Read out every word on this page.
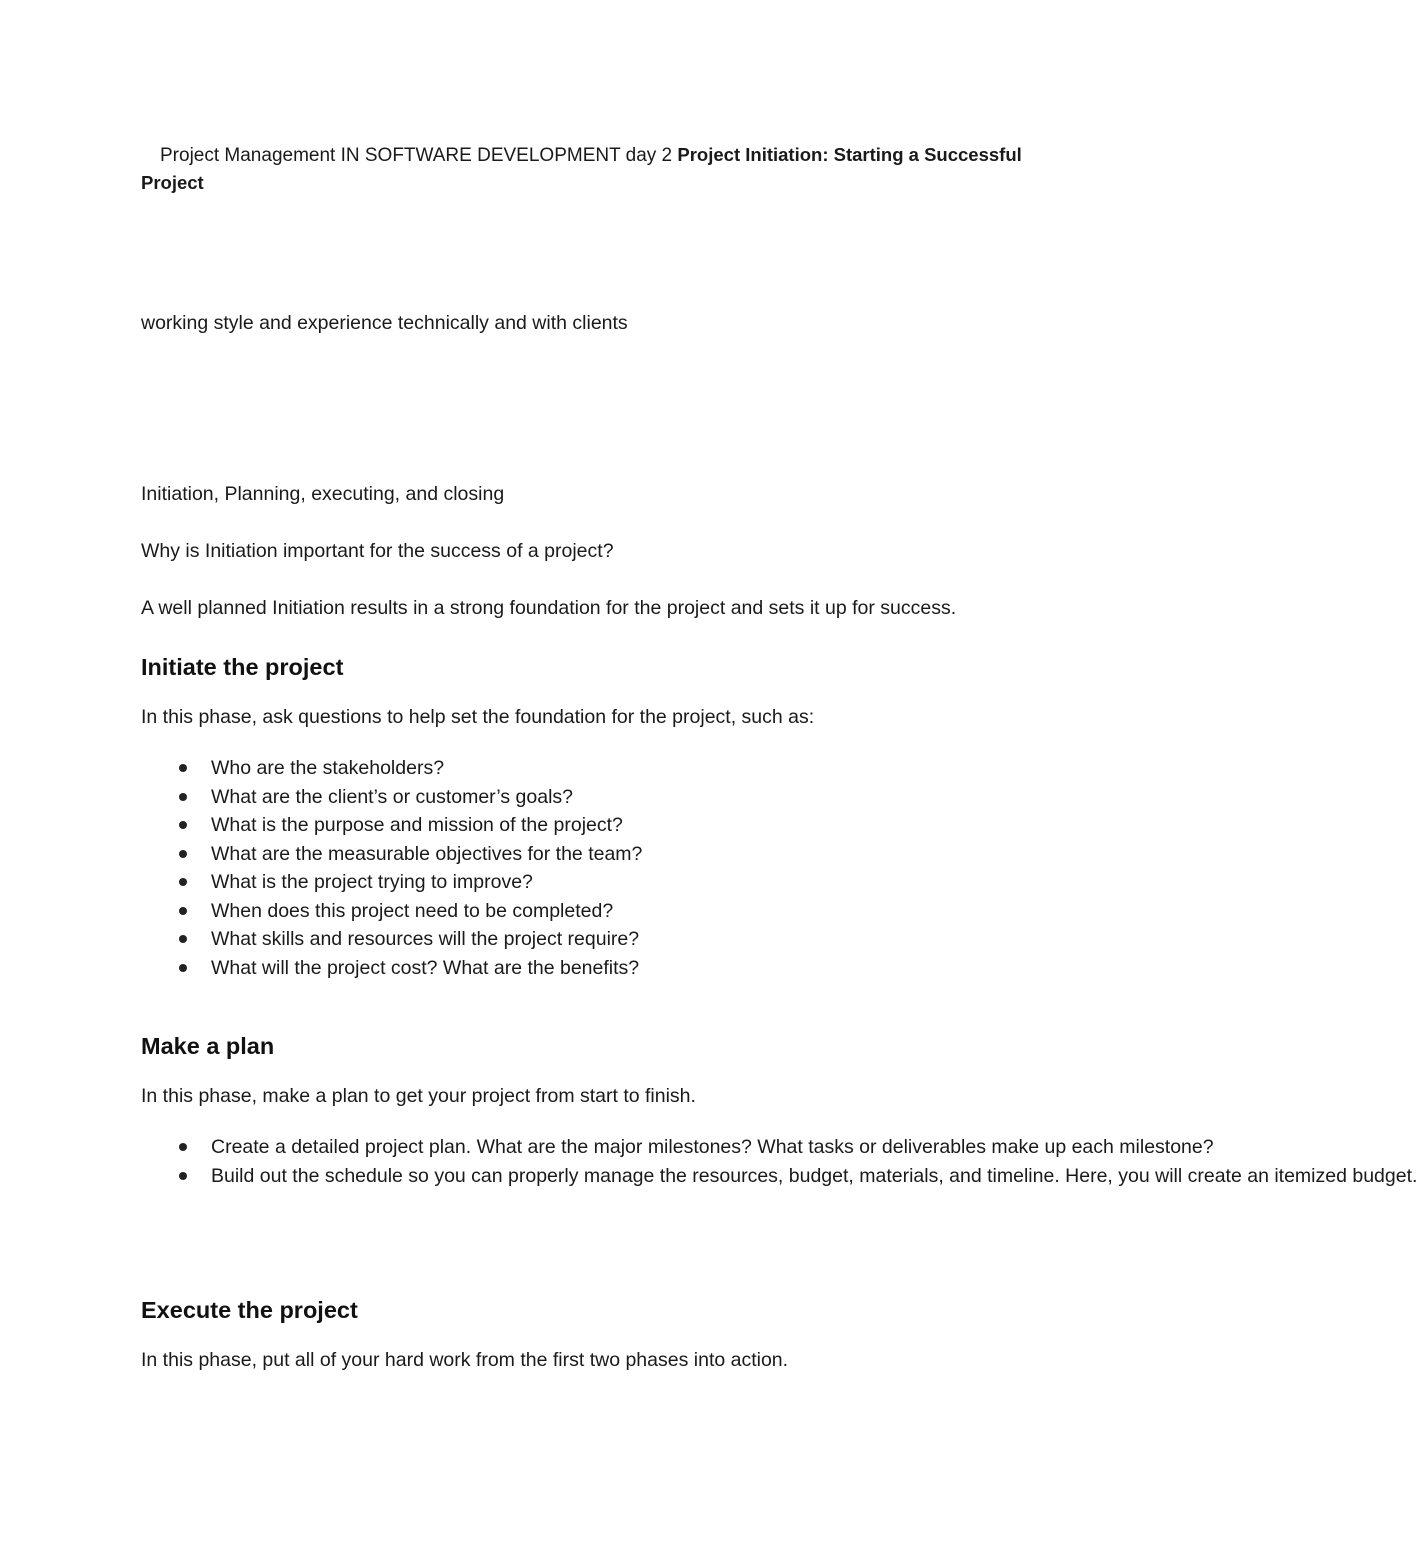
Project Management IN SOFTWARE DEVELOPMENT day 2 Project Initiation: Starting a Successful Project

working style and experience technically and with clients

Initiation, Planning, executing, and closing

Why is Initiation important for the success of a project?

A well planned Initiation results in a strong foundation for the project and sets it up for success.

Initiate the project

In this phase, ask questions to help set the foundation for the project, such as:

Who are the stakeholders?
What are the client’s or customer’s goals?
What is the purpose and mission of the project?
What are the measurable objectives for the team?
What is the project trying to improve?
When does this project need to be completed?
What skills and resources will the project require?
What will the project cost? What are the benefits?
Make a plan

In this phase, make a plan to get your project from start to finish.

Create a detailed project plan. What are the major milestones? What tasks or deliverables make up each milestone?
Build out the schedule so you can properly manage the resources, budget, materials, and timeline. Here, you will create an itemized budget.
Execute the project

In this phase, put all of your hard work from the first two phases into action.
